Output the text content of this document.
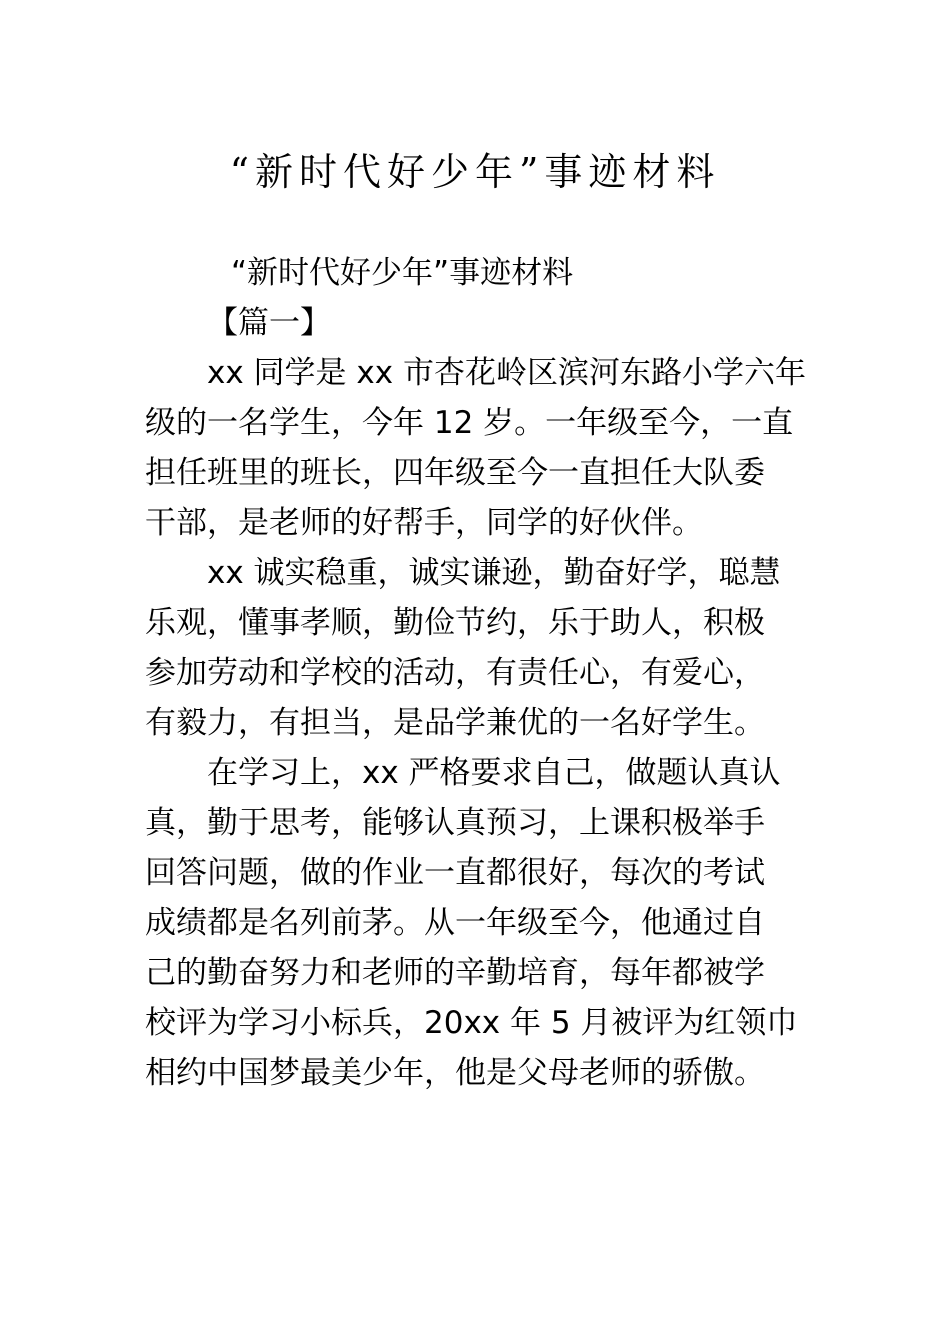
“新时代好少年”事迹材料
“新时代好少年”事迹材料
【篇一】
xx 同学是 xx 市杏花岭区滨河东路小学六年
级的一名学生，今年 12 岁。一年级至今，一直
担任班里的班长，四年级至今一直担任大队委
干部，是老师的好帮手，同学的好伙伴。
xx 诚实稳重，诚实谦逊，勤奋好学，聪慧
乐观，懂事孝顺，勤俭节约，乐于助人，积极
参加劳动和学校的活动，有责任心，有爱心，
有毅力，有担当，是品学兼优的一名好学生。
在学习上，xx 严格要求自己，做题认真认
真，勤于思考，能够认真预习，上课积极举手
回答问题，做的作业一直都很好，每次的考试
成绩都是名列前茅。从一年级至今，他通过自
己的勤奋努力和老师的辛勤培育，每年都被学
校评为学习小标兵，20xx 年 5 月被评为红领巾
相约中国梦最美少年，他是父母老师的骄傲。
